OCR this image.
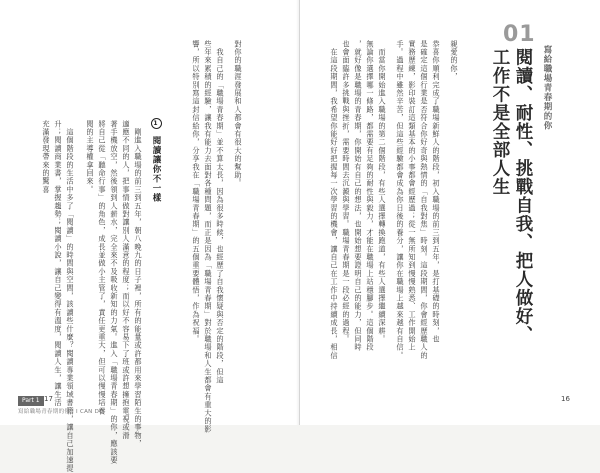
充滿發現帶來的驚喜 升；閱讀商業書，掌握趨勢；閱讀小說，讓自己變得有溫度，閱讀人生，讓生活 　這個階段的生活中多了「閱讀」的時間與空間，該讀些什麼？閱讀專業領域書籍，讓自己加速提 閱的主導權拿回來。 將自己從「聽命行事」的角色，成長並做小主管了，責任更重大，但可以慢慢培養 著手機放空，然後領到人薪水，完全來不及吸收新知的力氣。進入「職場青春期」的你，應該要 適應不同的人，把事情做對讓別人滿意的程度；而以好不容易下了班或許想擁抱電視或滑 　剛進入職場的前三到五年，朝八晚九的日子裡，所有的能量或許都用來學習陌生的事物，	1 閱讀讓你不一樣	響，所以特別寫這封信給你，分享我在「職場青春期」的五個重要體悟，作為祝福。 些年來累積的經驗，讓我有能力去面對各種問題，而正是因為「職場青春期」對於職場和人生都會有重大的影 　我自己的「職場青春期」並不算太長，因為很多時候，也經歷了自我懷疑與否定的階段，但這 對你的職涯發展和人都會有很大的幫助。
Part 1 17
寫給職場青春期的你｜I CAN DO
　在這段期間，我希望你能好好把握每一次學習的機會，讓自己在工作中持續成長，相信 也會面臨許多挑戰與挫折，需要時間去沉澱與學習。職場青春期是一段必經的過程。 ，就好像是職場的青春期，你開始有自己的想法，也開始想要證明自己的能力，但同時 無論你選擇哪一條路，都需要有足夠的耐性與毅力，才能在職場上站穩腳步。這個階段 　而當你開始進入職場的第二個階段，有些人選擇轉換跑道，有些人選擇繼續深耕。 手。過程中雖然辛苦，但這些經驗都會成為你日後的養分，讓你在職場上越來越有自信。 實務歷練，影印裝訂這類基本的小事都會經歷過；從一無所知到慢慢熟悉、工作開始上 是確定這個行業是否符合你好奇與熱情的「自我對焦」時刻。這段期間，你會經歷職人的 恭喜你順利完成了職場新鮮人的階段，初入職場的前三到五年，是打基礎的時刻，也 親愛的你，
16
01
寫給職場青春期的你
閱讀、耐性、挑戰自我、把人做好、
工作不是全部人生
